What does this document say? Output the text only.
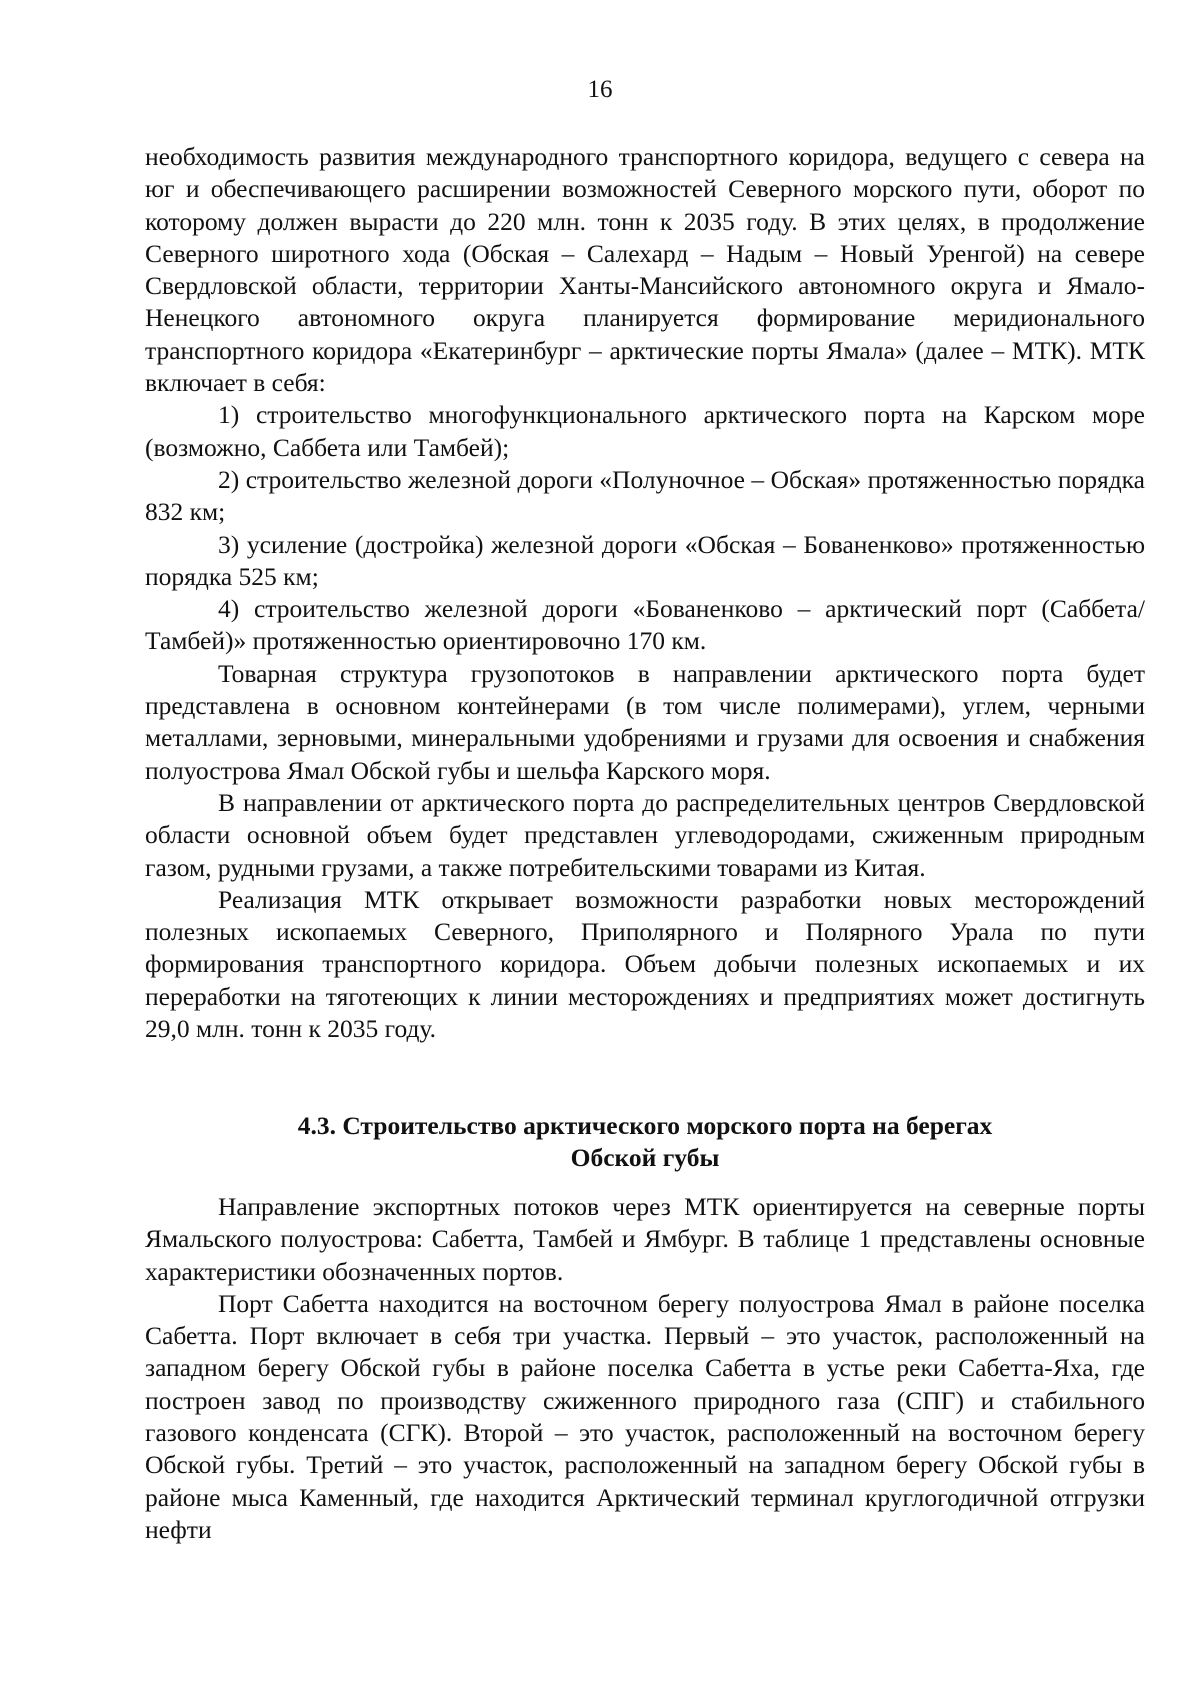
16

необходимость развития международного транспортного коридора, ведущего с севера на юг и обеспечивающего расширении возможностей Северного морского пути, оборот по которому должен вырасти до 220 млн. тонн к 2035 году. В этих целях, в продолжение Северного широтного хода (Обская – Салехард – Надым – Новый Уренгой) на севере Свердловской области, территории Ханты-Мансийского автономного округа и Ямало-Ненецкого автономного округа планируется формирование меридионального транспортного коридора «Екатеринбург – арктические порты Ямала» (далее – МТК). МТК включает в себя:

1) строительство многофункционального арктического порта на Карском море (возможно, Саббета или Тамбей);

2) строительство железной дороги «Полуночное – Обская» протяженностью порядка 832 км;

3) усиление (достройка) железной дороги «Обская – Бованенково» протяженностью порядка 525 км;

4) строительство железной дороги «Бованенково – арктический порт (Саббета/Тамбей)» протяженностью ориентировочно 170 км.

Товарная структура грузопотоков в направлении арктического порта будет представлена в основном контейнерами (в том числе полимерами), углем, черными металлами, зерновыми, минеральными удобрениями и грузами для освоения и снабжения полуострова Ямал Обской губы и шельфа Карского моря.

В направлении от арктического порта до распределительных центров Свердловской области основной объем будет представлен углеводородами, сжиженным природным газом, рудными грузами, а также потребительскими товарами из Китая.

Реализация МТК открывает возможности разработки новых месторождений полезных ископаемых Северного, Приполярного и Полярного Урала по пути формирования транспортного коридора. Объем добычи полезных ископаемых и их переработки на тяготеющих к линии месторождениях и предприятиях может достигнуть 29,0 млн. тонн к 2035 году.

4.3. Строительство арктического морского порта на берегах
Обской губы

Направление экспортных потоков через МТК ориентируется на северные порты Ямальского полуострова: Сабетта, Тамбей и Ямбург. В таблице 1 представлены основные характеристики обозначенных портов.

Порт Сабетта находится на восточном берегу полуострова Ямал в районе поселка Сабетта. Порт включает в себя три участка. Первый – это участок, расположенный на западном берегу Обской губы в районе поселка Сабетта в устье реки Сабетта-Яха, где построен завод по производству сжиженного природного газа (СПГ) и стабильного газового конденсата (СГК). Второй – это участок, расположенный на восточном берегу Обской губы. Третий – это участок, расположенный на западном берегу Обской губы в районе мыса Каменный, где находится Арктический терминал круглогодичной отгрузки нефти
